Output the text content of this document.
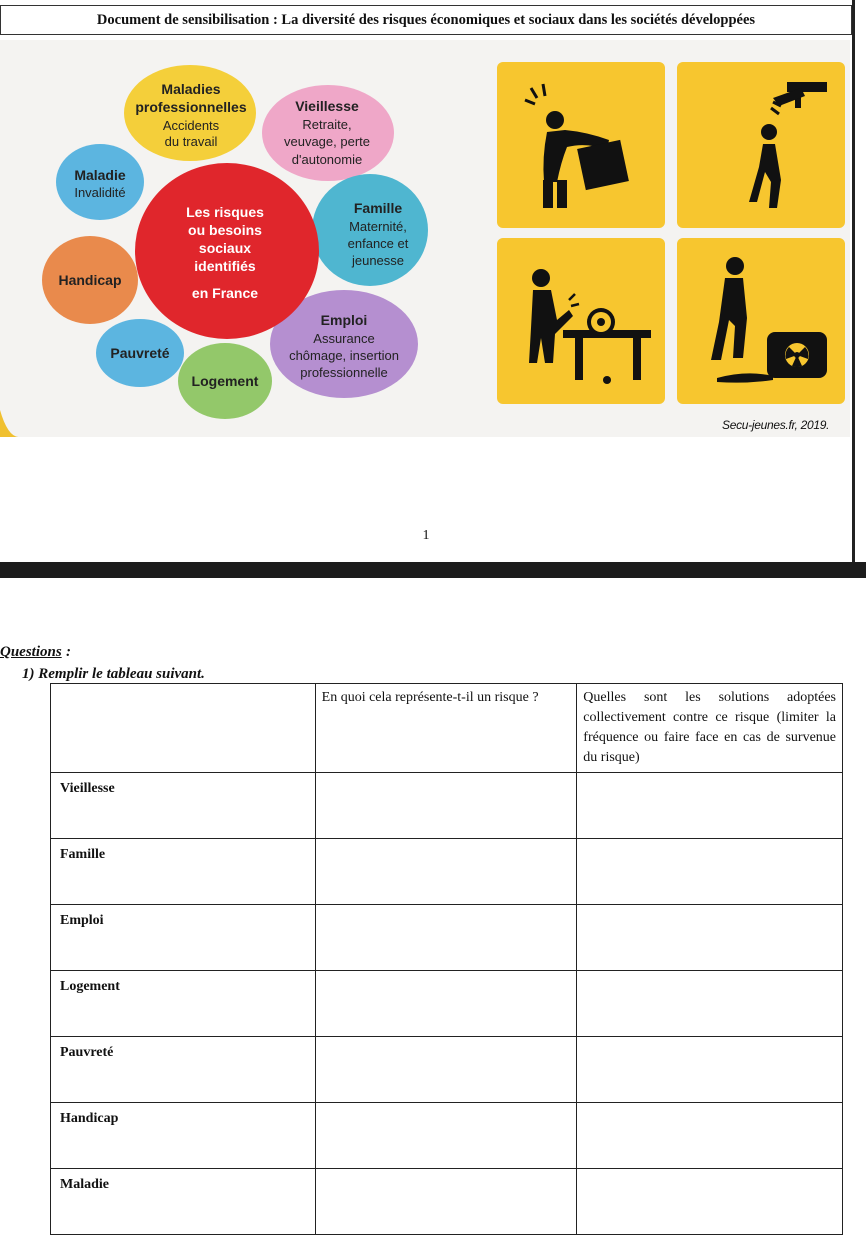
Document de sensibilisation : La diversité des risques économiques et sociaux dans les sociétés développées
Maladies
professionnelles
Accidents
du travail
Vieillesse
Retraite,
veuvage, perte
d'autonomie
Maladie
Invalidité
Famille
Maternité,
enfance et
jeunesse
Handicap
Emploi
Assurance
chômage, insertion
professionnelle
Pauvreté
Logement
Les risques
ou besoins
sociaux
identifiés
en France
Secu-jeunes.fr, 2019.
1
Questions :
1) Remplir le tableau suivant.
	En quoi cela représente-t-il un risque ?	Quelles sont les solutions adoptées collectivement contre ce risque (limiter la fréquence ou faire face en cas de survenue du risque)
Vieillesse		
Famille		
Emploi		
Logement		
Pauvreté		
Handicap		
Maladie		
